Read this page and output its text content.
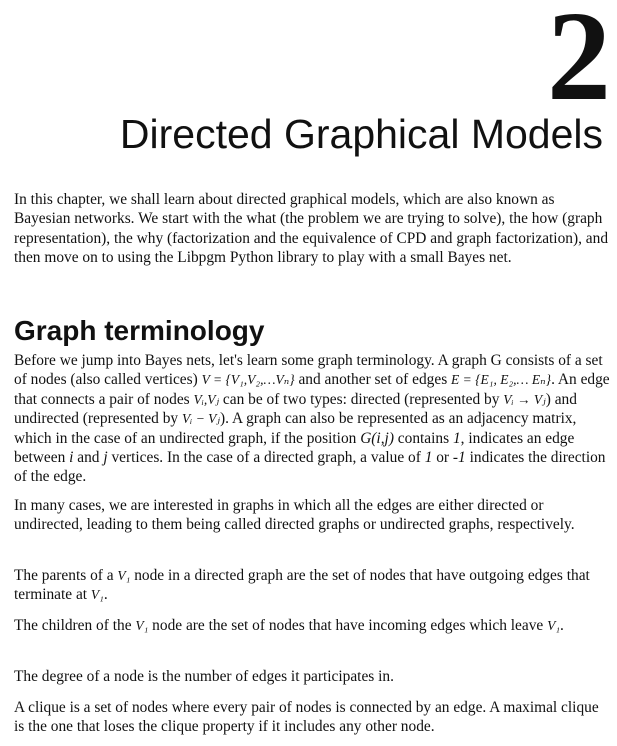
2
Directed Graphical Models

In this chapter, we shall learn about directed graphical models, which are also known as Bayesian networks. We start with the what (the problem we are trying to solve), the how (graph representation), the why (factorization and the equivalence of CPD and graph factorization), and then move on to using the Libpgm Python library to play with a small Bayes net.

Graph terminology

Before we jump into Bayes nets, let's learn some graph terminology. A graph G consists of a set of nodes (also called vertices) V = {V₁,V₂,…Vₙ} and another set of edges E = {E₁, E₂,… Eₙ}. An edge that connects a pair of nodes Vᵢ,Vⱼ can be of two types: directed (represented by Vᵢ → Vⱼ) and undirected (represented by Vᵢ − Vⱼ). A graph can also be represented as an adjacency matrix, which in the case of an undirected graph, if the position G(i,j) contains 1, indicates an edge between i and j vertices. In the case of a directed graph, a value of 1 or -1 indicates the direction of the edge.

In many cases, we are interested in graphs in which all the edges are either directed or undirected, leading to them being called directed graphs or undirected graphs, respectively.

The parents of a V₁ node in a directed graph are the set of nodes that have outgoing edges that terminate at V₁.

The children of the V₁ node are the set of nodes that have incoming edges which leave V₁.

The degree of a node is the number of edges it participates in.

A clique is a set of nodes where every pair of nodes is connected by an edge. A maximal clique is the one that loses the clique property if it includes any other node.
